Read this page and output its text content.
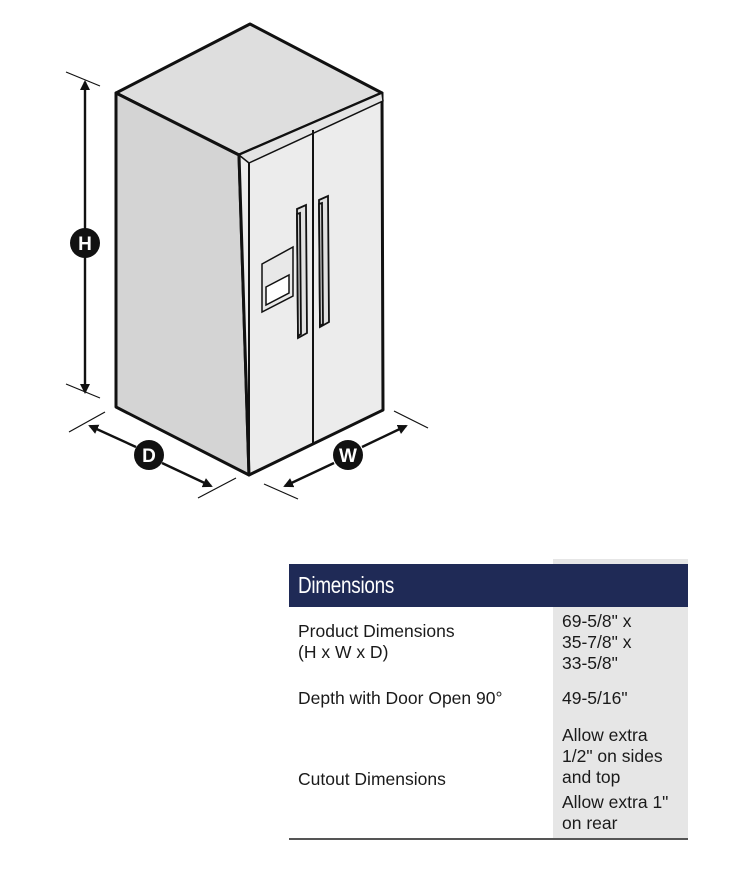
H
D	W
Dimensions
Product Dimensions
(H x W x D)
69-5/8" x
35-7/8" x
33-5/8"
Depth with Door Open 90°	49-5/16"
Cutout Dimensions
Allow extra
1/2" on sides
and top
Allow extra 1"
on rear
